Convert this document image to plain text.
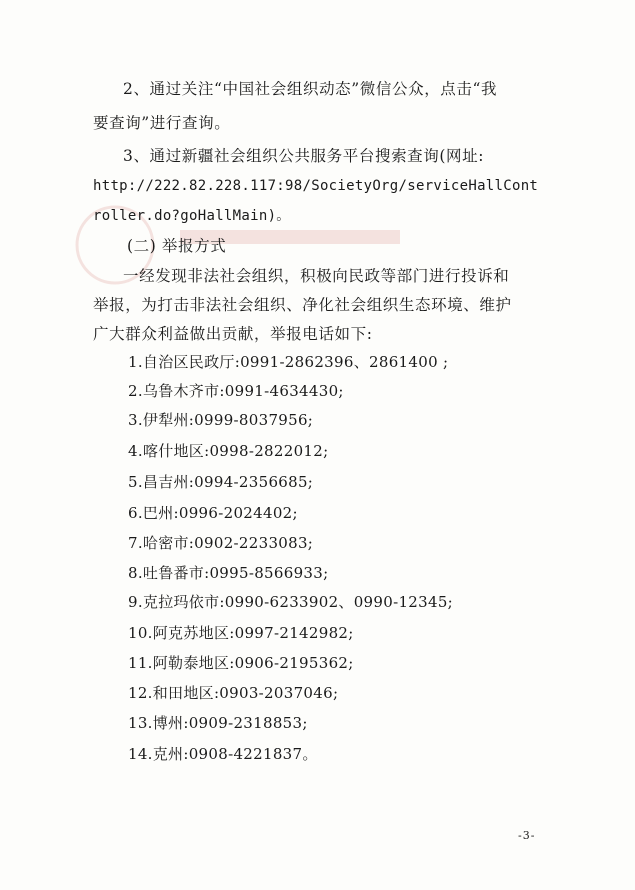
2、通过关注“中国社会组织动态”微信公众，点击“我
要查询”进行查询。
3、通过新疆社会组织公共服务平台搜索查询(网址:
http://222.82.228.117:98/SocietyOrg/serviceHallCont
roller.do?goHallMain)。
(二) 举报方式
一经发现非法社会组织，积极向民政等部门进行投诉和
举报，为打击非法社会组织、净化社会组织生态环境、维护
广大群众利益做出贡献，举报电话如下:
1.自治区民政厅:0991-2862396、2861400 ;
2.乌鲁木齐市:0991-4634430;
3.伊犁州:0999-8037956;
4.喀什地区:0998-2822012;
5.昌吉州:0994-2356685;
6.巴州:0996-2024402;
7.哈密市:0902-2233083;
8.吐鲁番市:0995-8566933;
9.克拉玛依市:0990-6233902、0990-12345;
10.阿克苏地区:0997-2142982;
11.阿勒泰地区:0906-2195362;
12.和田地区:0903-2037046;
13.博州:0909-2318853;
14.克州:0908-4221837。
-3-
